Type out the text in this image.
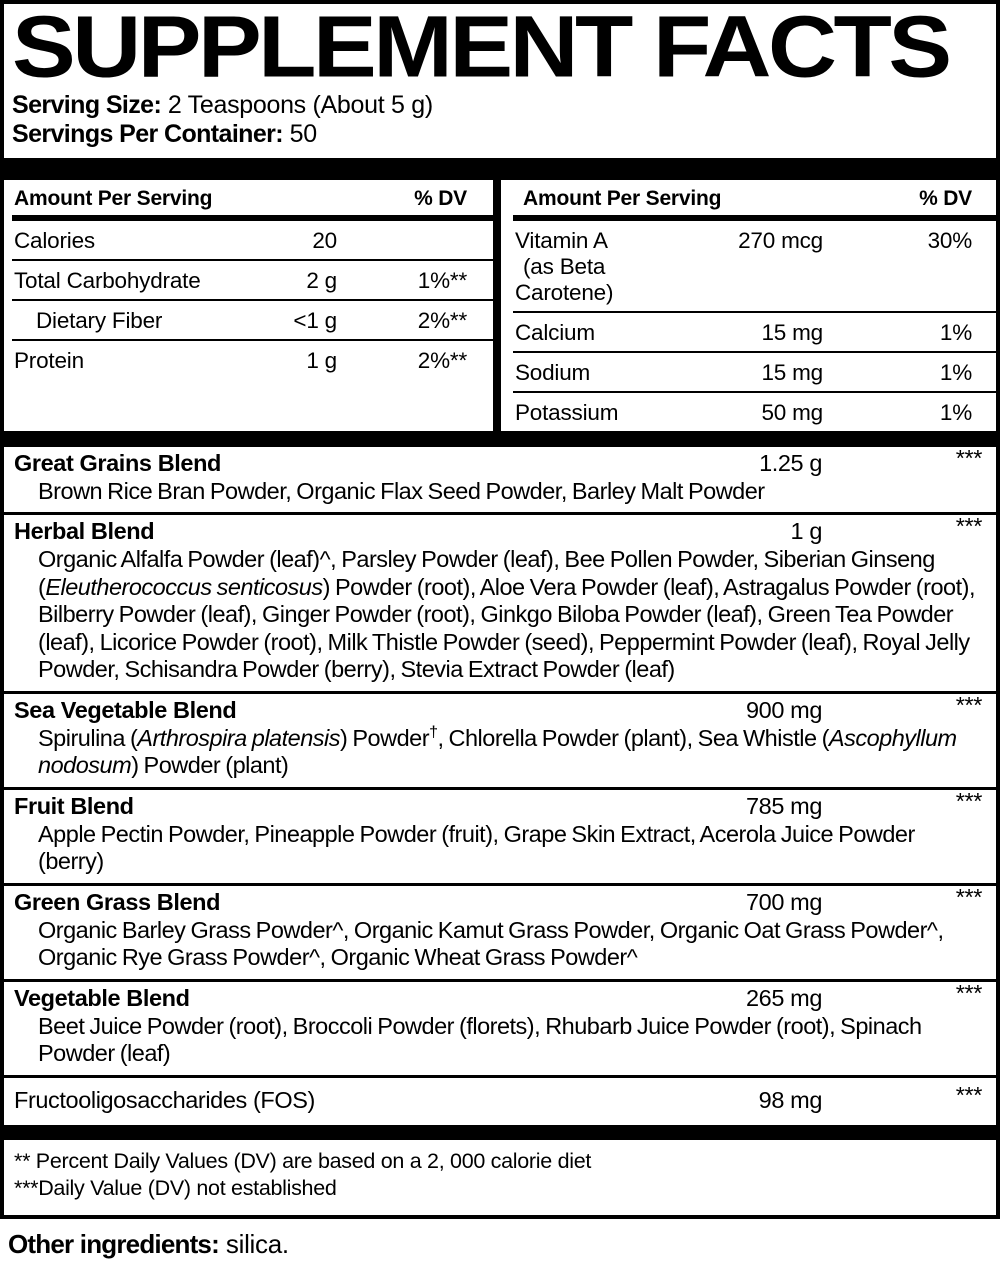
SUPPLEMENT FACTS
Serving Size: 2 Teaspoons (About 5 g)
Servings Per Container: 50
Amount Per Serving	% DV
Calories	20
Total Carbohydrate	2 g	1%**
Dietary Fiber	<1 g	2%**
Protein	1 g	2%**
Amount Per Serving	% DV
Vitamin A
(as Beta Carotene)
270 mcg	30%
Calcium	15 mg	1%
Sodium	15 mg	1%
Potassium	50 mg	1%
Great Grains Blend	1.25 g	***
Brown Rice Bran Powder, Organic Flax Seed Powder, Barley Malt Powder
Herbal Blend	1 g	***
Organic Alfalfa Powder (leaf)^, Parsley Powder (leaf), Bee Pollen Powder, Siberian Ginseng (Eleutherococcus senticosus) Powder (root), Aloe Vera Powder (leaf), Astragalus Powder (root), Bilberry Powder (leaf), Ginger Powder (root), Ginkgo Biloba Powder (leaf), Green Tea Powder (leaf), Licorice Powder (root), Milk Thistle Powder (seed), Peppermint Powder (leaf), Royal Jelly Powder, Schisandra Powder (berry), Stevia Extract Powder (leaf)
Sea Vegetable Blend	900 mg	***
Spirulina (Arthrospira platensis) Powder†, Chlorella Powder (plant), Sea Whistle (Ascophyllum nodosum) Powder (plant)
Fruit Blend	785 mg	***
Apple Pectin Powder, Pineapple Powder (fruit), Grape Skin Extract, Acerola Juice Powder (berry)
Green Grass Blend	700 mg	***
Organic Barley Grass Powder^, Organic Kamut Grass Powder, Organic Oat Grass Powder^, Organic Rye Grass Powder^, Organic Wheat Grass Powder^
Vegetable Blend	265 mg	***
Beet Juice Powder (root), Broccoli Powder (florets), Rhubarb Juice Powder (root), Spinach Powder (leaf)
Fructooligosaccharides (FOS)	98 mg	***
** Percent Daily Values (DV) are based on a 2, 000 calorie diet
***Daily Value (DV) not established
Other ingredients: silica.
